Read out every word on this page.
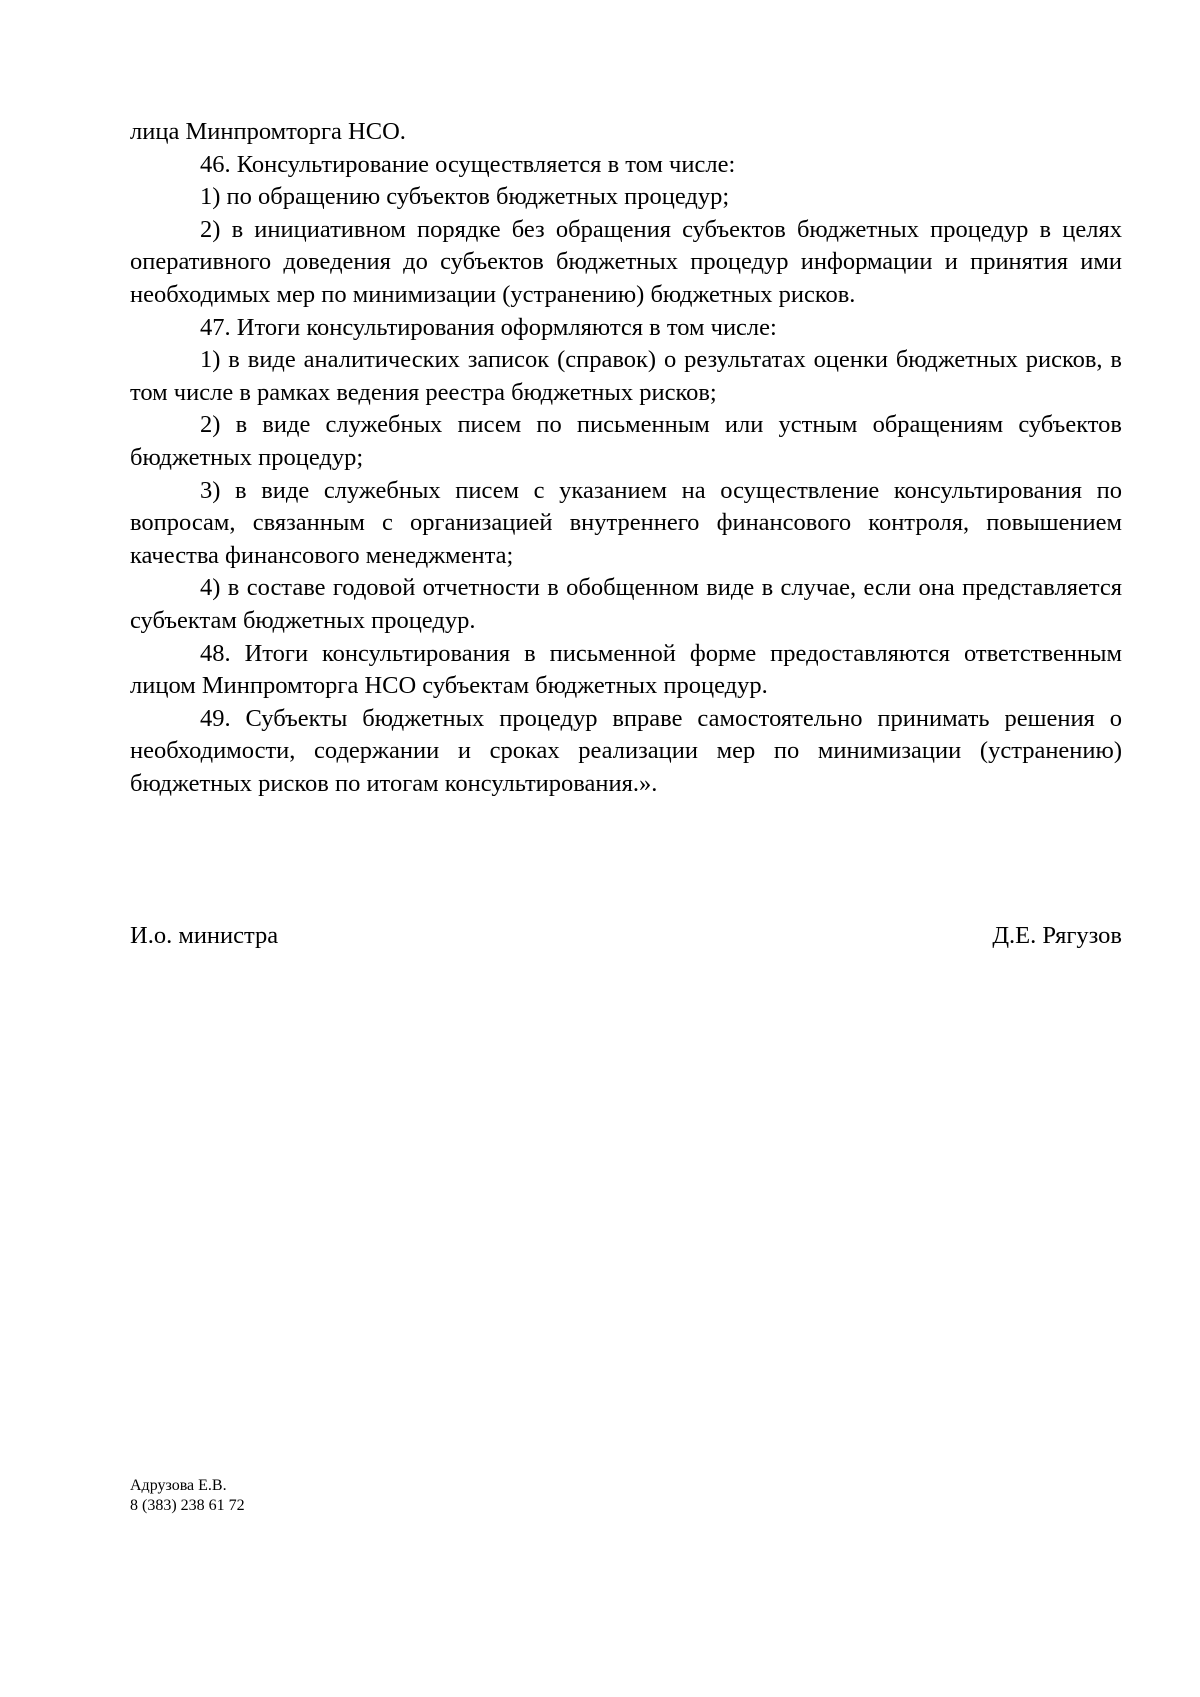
лица Минпромторга НСО.

46. Консультирование осуществляется в том числе:

1) по обращению субъектов бюджетных процедур;

2) в инициативном порядке без обращения субъектов бюджетных процедур в целях оперативного доведения до субъектов бюджетных процедур информации и принятия ими необходимых мер по минимизации (устранению) бюджетных рисков.

47. Итоги консультирования оформляются в том числе:

1) в виде аналитических записок (справок) о результатах оценки бюджетных рисков, в том числе в рамках ведения реестра бюджетных рисков;

2) в виде служебных писем по письменным или устным обращениям субъектов бюджетных процедур;

3) в виде служебных писем с указанием на осуществление консультирования по вопросам, связанным с организацией внутреннего финансового контроля, повышением качества финансового менеджмента;

4) в составе годовой отчетности в обобщенном виде в случае, если она представляется субъектам бюджетных процедур.

48. Итоги консультирования в письменной форме предоставляются ответственным лицом Минпромторга НСО субъектам бюджетных процедур.

49. Субъекты бюджетных процедур вправе самостоятельно принимать решения о необходимости, содержании и сроках реализации мер по минимизации (устранению) бюджетных рисков по итогам консультирования.».

И.о. министра	Д.Е. Рягузов
Адрузова Е.В.
8 (383) 238 61 72
